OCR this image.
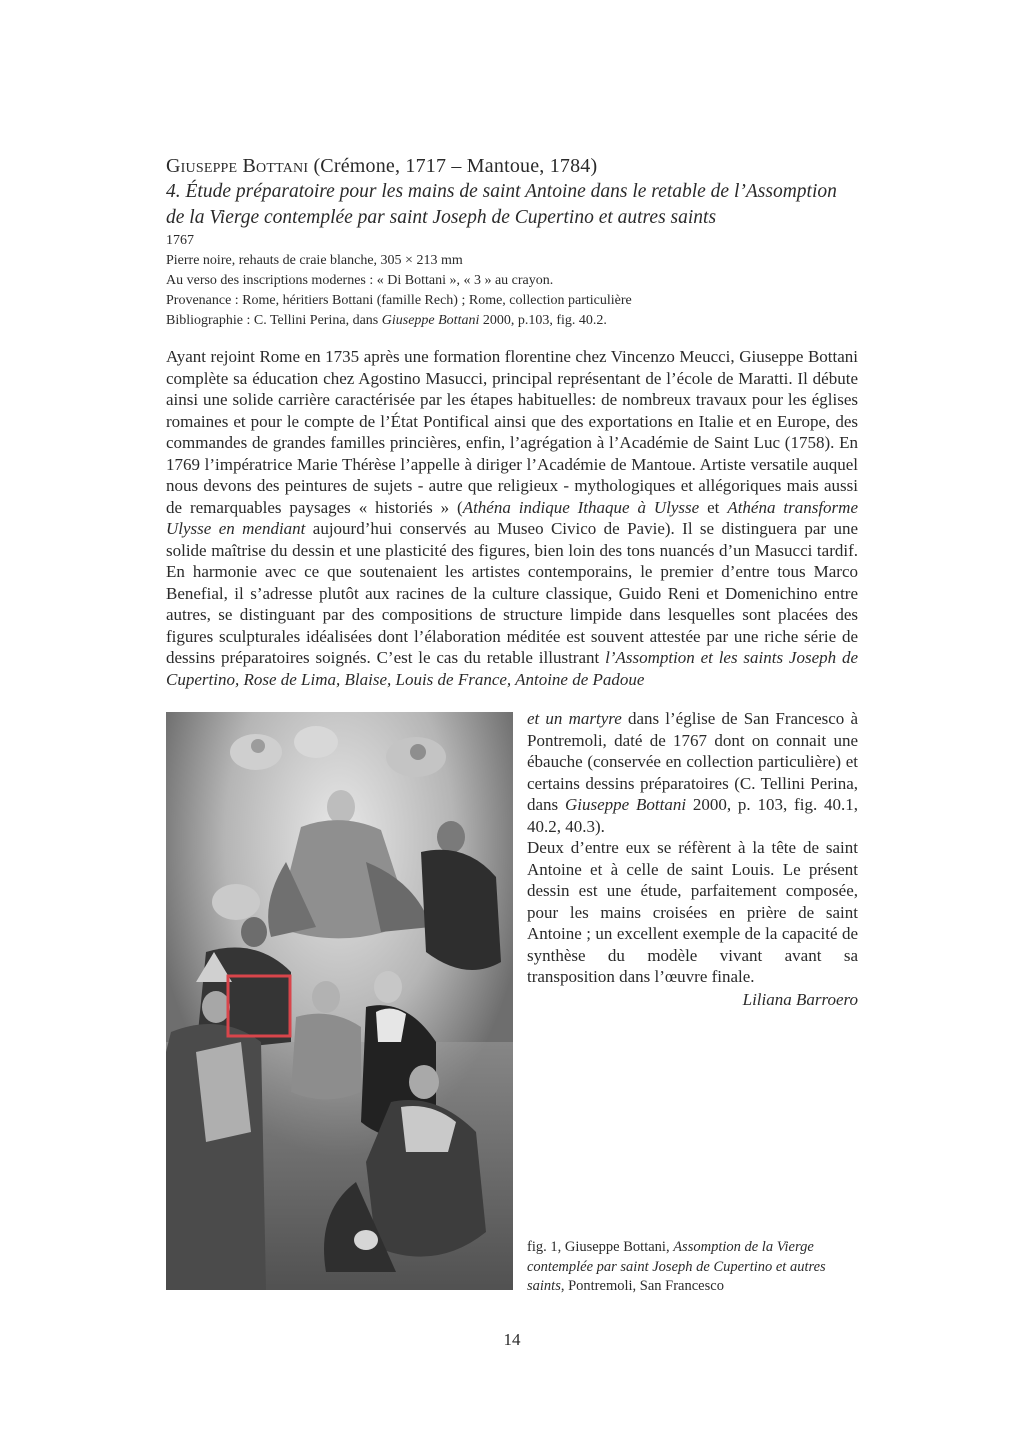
Giuseppe Bottani (Crémone, 1717 – Mantoue, 1784)
4. Étude préparatoire pour les mains de saint Antoine dans le retable de l’Assomption
de la Vierge contemplée par saint Joseph de Cupertino et autres saints
1767
Pierre noire, rehauts de craie blanche, 305 × 213 mm
Au verso des inscriptions modernes : « Di Bottani », « 3 » au crayon.
Provenance : Rome, héritiers Bottani (famille Rech) ; Rome, collection particulière
Bibliographie : C. Tellini Perina, dans Giuseppe Bottani 2000, p.103, fig. 40.2.

Ayant rejoint Rome en 1735 après une formation florentine chez Vincenzo Meucci, Giuseppe Bottani complète sa éducation chez Agostino Masucci, principal représentant de l’école de Maratti. Il débute ainsi une solide carrière caractérisée par les étapes habituelles: de nombreux travaux pour les églises romaines et pour le compte de l’État Pontifical ainsi que des exportations en Italie et en Europe, des commandes de grandes familles princières, enfin, l’agrégation à l’Académie de Saint Luc (1758). En 1769 l’impératrice Marie Thérèse l’appelle à diriger l’Académie de Mantoue. Artiste versatile auquel nous devons des peintures de sujets - autre que religieux - mythologiques et allégoriques mais aussi de remarquables paysages « historiés » (Athéna indique Ithaque à Ulysse et Athéna transforme Ulysse en mendiant aujourd’hui conservés au Museo Civico de Pavie). Il se distinguera par une solide maîtrise du dessin et une plasticité des figures, bien loin des tons nuancés d’un Masucci tardif. En harmonie avec ce que soutenaient les artistes contemporains, le premier d’entre tous Marco Benefial, il s’adresse plutôt aux racines de la culture classique, Guido Reni et Domenichino entre autres, se distinguant par des compositions de structure limpide dans lesquelles sont placées des figures sculpturales idéalisées dont l’élaboration méditée est souvent attestée par une riche série de dessins préparatoires soignés. C’est le cas du retable illustrant l’Assomption et les saints Joseph de Cupertino, Rose de Lima, Blaise, Louis de France, Antoine de Padoue

et un martyre dans l’église de San Francesco à Pontremoli, daté de 1767 dont on connait une ébauche (conservée en collection particulière) et certains dessins préparatoires (C. Tellini Perina, dans Giuseppe Bottani 2000, p. 103, fig. 40.1, 40.2, 40.3).

Deux d’entre eux se réfèrent à la tête de saint Antoine et à celle de saint Louis. Le présent dessin est une étude, parfaitement composée, pour les mains croisées en prière de saint Antoine ; un excellent exemple de la capacité de synthèse du modèle vivant avant sa transposition dans l’œuvre finale.

Liliana Barroero
fig. 1, Giuseppe Bottani, Assomption de la Vierge contemplée par saint Joseph de Cupertino et autres saints, Pontremoli, San Francesco
14
